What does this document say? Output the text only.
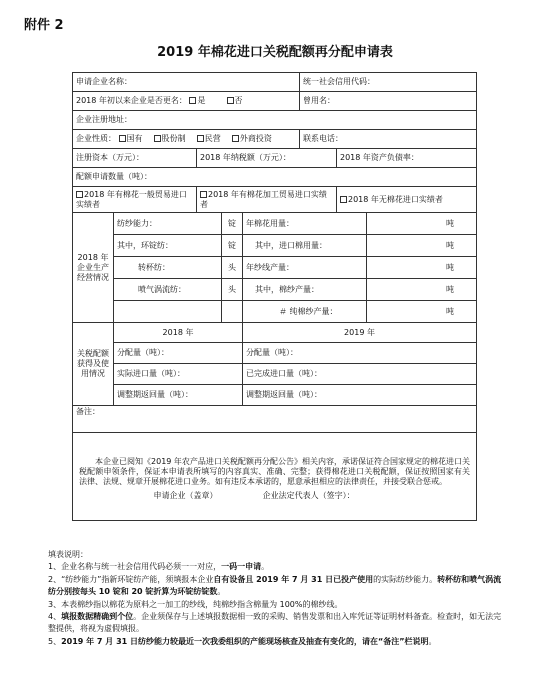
附件 2
2019 年棉花进口关税配额再分配申请表
申请企业名称：					统一社会信用代码：		
2018 年初以来企业是否更名： 是 否					曾用名：		
企业注册地址：							
企业性质： 国有 股份制 民营 外商投资					联系电话：		
注册资本（万元）：		2018 年纳税额（万元）：				2018 年资产负债率：	
配额申请数量（吨）：							
2018 年有棉花一般贸易进口实绩者		2018 年有棉花加工贸易进口实绩者				2018 年无棉花进口实绩者	
2018 年企业生产经营情况	纺纱能力：		锭	年棉花用量：			吨
	其中，环锭纺：		锭	其中，进口棉用量：			吨
	转杯纺：		头	年纱线产量：			吨
	喷气涡流纺：		头	其中，棉纱产量：			吨
				＃ 纯棉纱产量：			吨
关税配额获得及使用情况	2018 年			2019 年			
	分配量（吨）：			分配量（吨）：			
	实际进口量（吨）：			已完成进口量（吨）：			
	调整期返回量（吨）：			调整期返回量（吨）：			
备注：							

本企业已阅知《2019 年农产品进口关税配额再分配公告》相关内容，承诺保证符合国家规定的棉花进口关税配额申领条件，保证本申请表所填写的内容真实、准确、完整；获得棉花进口关税配额，保证按照国家有关法律、法规、规章开展棉花进口业务。如有违反本承诺的，愿意承担相应的法律责任，并接受联合惩戒。
申请企业（盖章） 企业法定代表人（签字）：							

填表说明：

1、企业名称与统一社会信用代码必须一一对应，一码一申请。

2、“纺纱能力”指新环锭纺产能，须填报本企业自有设备且 2019 年 7 月 31 日已投产使用的实际纺纱能力。转杯纺和喷气涡流纺分别按每头 10 锭和 20 锭折算为环锭纺锭数。

3、本表棉纱指以棉花为原料之一加工的纱线，纯棉纱指含棉量为 100%的棉纱线。

4、填报数据精确到个位。企业须保存与上述填报数据相一致的采购、销售发票和出入库凭证等证明材料备查。检查时，如无法完整提供，将视为虚假填报。

5、2019 年 7 月 31 日纺纱能力较最近一次我委组织的产能现场核查及抽查有变化的，请在“备注”栏说明。
